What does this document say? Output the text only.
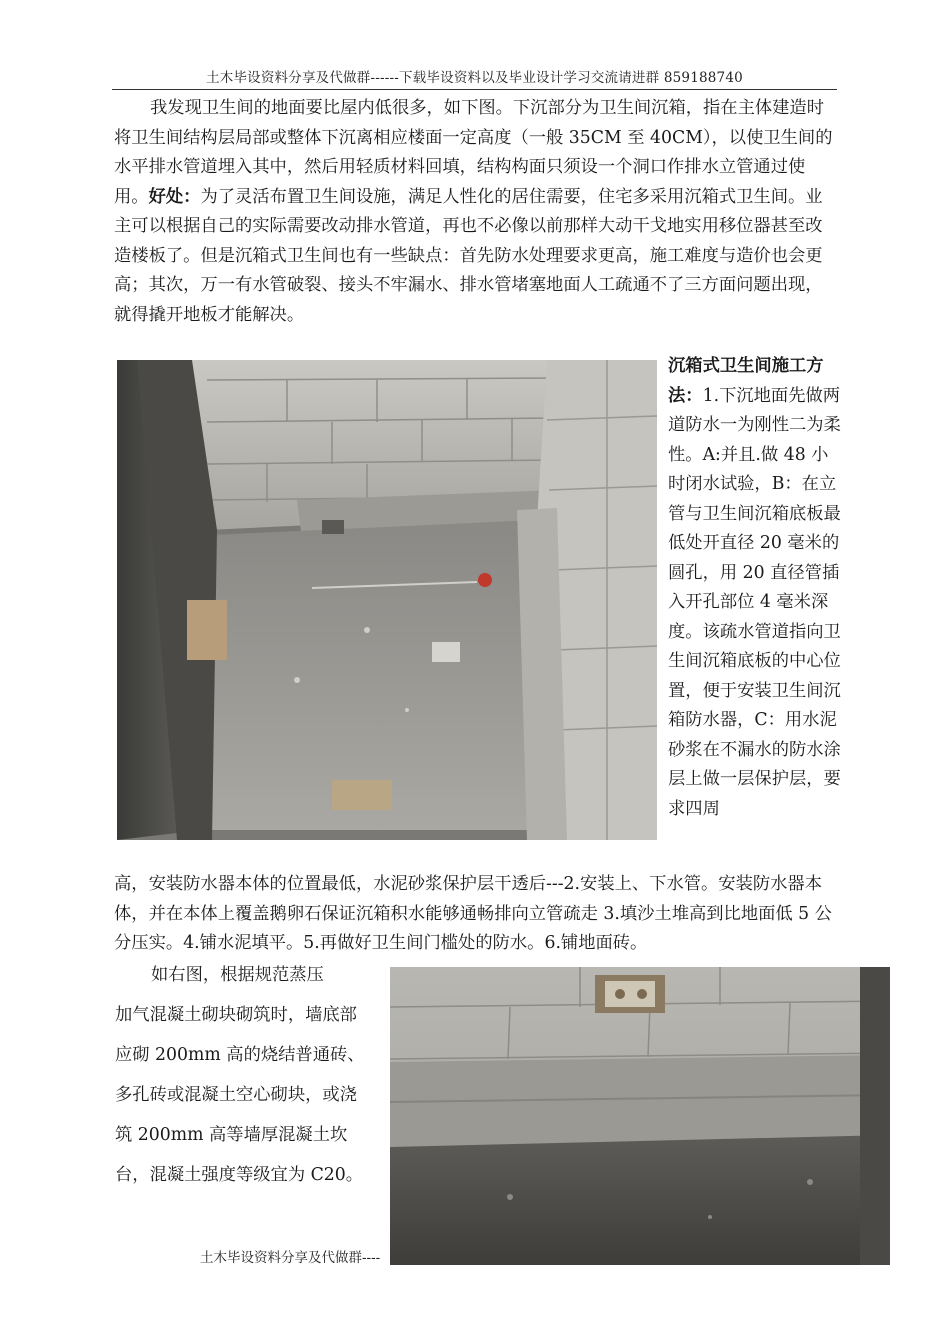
土木毕设资料分享及代做群------下载毕设资料以及毕业设计学习交流请进群 859188740

我发现卫生间的地面要比屋内低很多，如下图。下沉部分为卫生间沉箱，指在主体建造时将卫生间结构层局部或整体下沉离相应楼面一定高度（一般 35CM 至 40CM），以使卫生间的水平排水管道埋入其中，然后用轻质材料回填，结构构面只须设一个洞口作排水立管通过使用。好处：为了灵活布置卫生间设施，满足人性化的居住需要，住宅多采用沉箱式卫生间。业主可以根据自己的实际需要改动排水管道，再也不必像以前那样大动干戈地实用移位器甚至改造楼板了。但是沉箱式卫生间也有一些缺点：首先防水处理要求更高，施工难度与造价也会更高；其次，万一有水管破裂、接头不牢漏水、排水管堵塞地面人工疏通不了三方面问题出现，就得撬开地板才能解决。

沉箱式卫生间施工方法：1.下沉地面先做两道防水一为刚性二为柔性。A:并且.做 48 小时闭水试验，B：在立管与卫生间沉箱底板最低处开直径 20 毫米的圆孔，用 20 直径管插入开孔部位 4 毫米深度。该疏水管道指向卫生间沉箱底板的中心位置，便于安装卫生间沉箱防水器，C：用水泥砂浆在不漏水的防水涂层上做一层保护层，要求四周

高，安装防水器本体的位置最低，水泥砂浆保护层干透后---2.安装上、下水管。安装防水器本体，并在本体上覆盖鹅卵石保证沉箱积水能够通畅排向立管疏走 3.填沙土堆高到比地面低 5 公分压实。4.铺水泥填平。5.再做好卫生间门槛处的防水。6.铺地面砖。

如右图，根据规范蒸压
加气混凝土砌块砌筑时，墙底部应砌 200mm 高的烧结普通砖、多孔砖或混凝土空心砌块，或浇筑 200mm 高等墙厚混凝土坎台，混凝土强度等级宜为 C20。

土木毕设资料分享及代做群----
